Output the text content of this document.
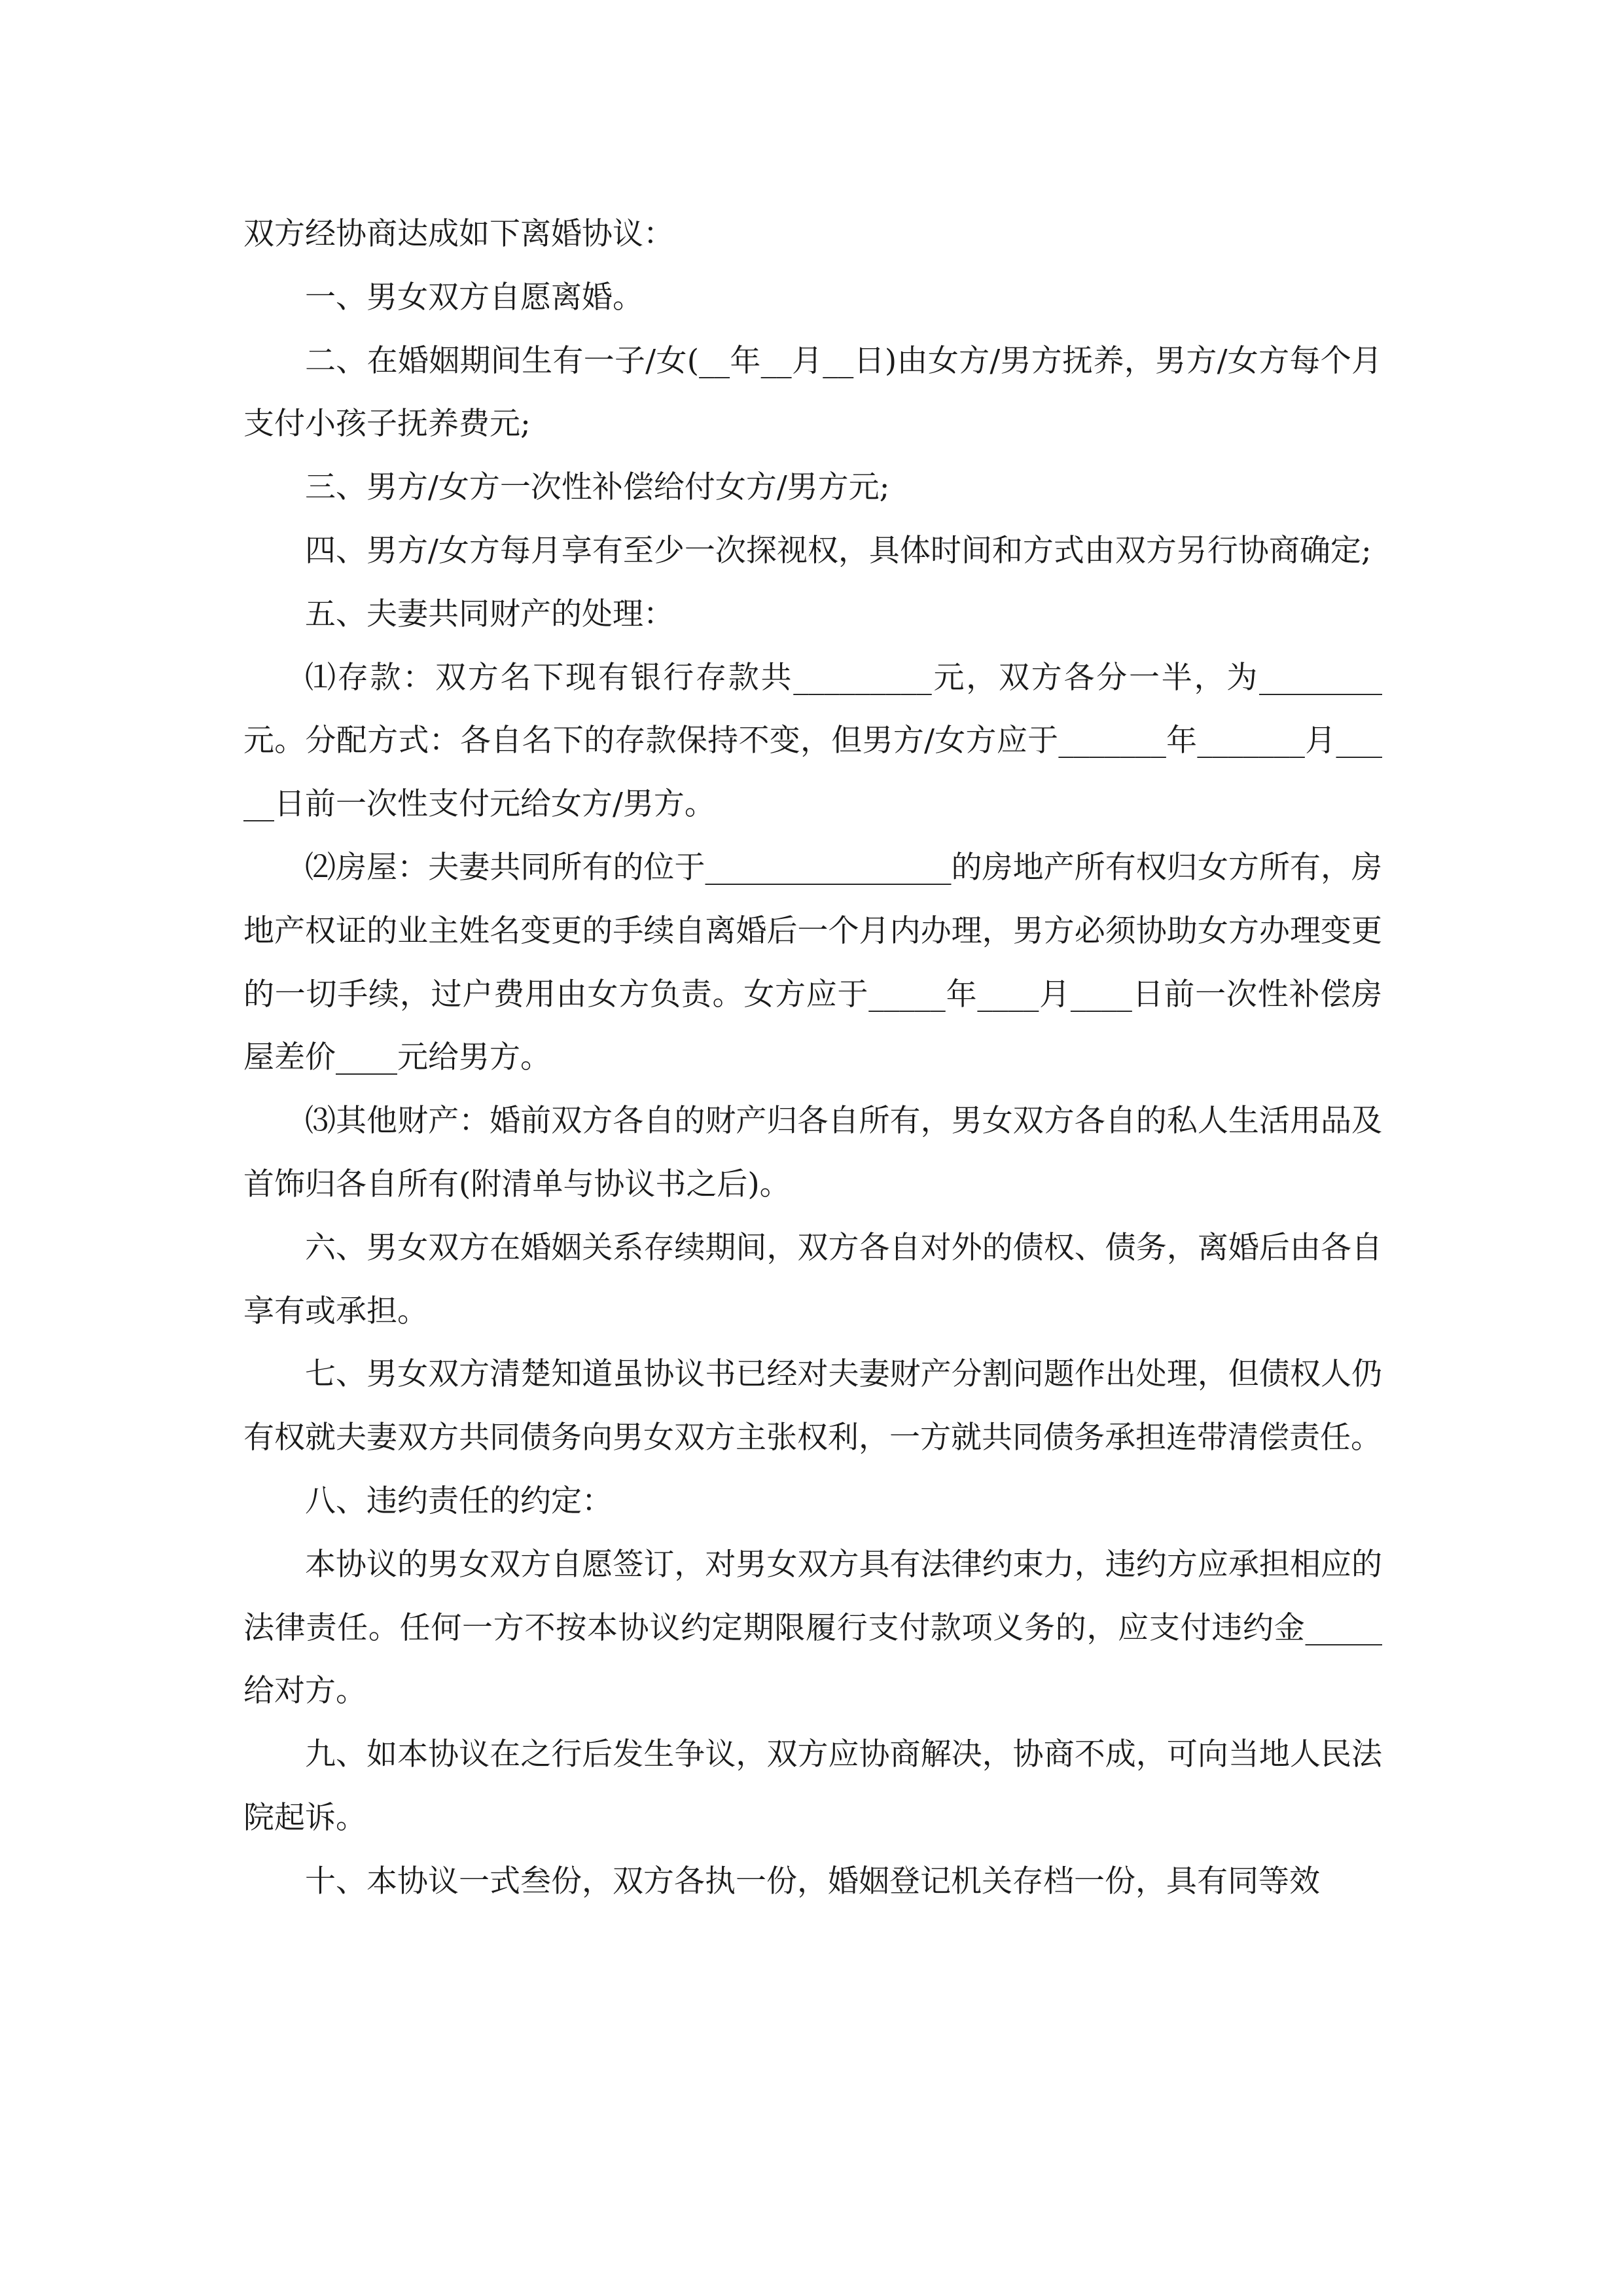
双方经协商达成如下离婚协议：

一、男女双方自愿离婚。

二、在婚姻期间生有一子/女(__年__月__日)由女方/男方抚养，男方/女方每个月支付小孩子抚养费元;

三、男方/女方一次性补偿给付女方/男方元;

四、男方/女方每月享有至少一次探视权，具体时间和方式由双方另行协商确定;

五、夫妻共同财产的处理：

⑴存款：双方名下现有银行存款共_________元，双方各分一半，为________元。分配方式：各自名下的存款保持不变，但男方/女方应于_______年_______月_____日前一次性支付元给女方/男方。

⑵房屋：夫妻共同所有的位于________________的房地产所有权归女方所有，房地产权证的业主姓名变更的手续自离婚后一个月内办理，男方必须协助女方办理变更的一切手续，过户费用由女方负责。女方应于_____年____月____日前一次性补偿房屋差价____元给男方。

⑶其他财产：婚前双方各自的财产归各自所有，男女双方各自的私人生活用品及首饰归各自所有(附清单与协议书之后)。

六、男女双方在婚姻关系存续期间，双方各自对外的债权、债务，离婚后由各自享有或承担。

七、男女双方清楚知道虽协议书已经对夫妻财产分割问题作出处理，但债权人仍有权就夫妻双方共同债务向男女双方主张权利，一方就共同债务承担连带清偿责任。

八、违约责任的约定：

本协议的男女双方自愿签订，对男女双方具有法律约束力，违约方应承担相应的法律责任。任何一方不按本协议约定期限履行支付款项义务的，应支付违约金_____给对方。

九、如本协议在之行后发生争议，双方应协商解决，协商不成，可向当地人民法院起诉。

十、本协议一式叁份，双方各执一份，婚姻登记机关存档一份，具有同等效
